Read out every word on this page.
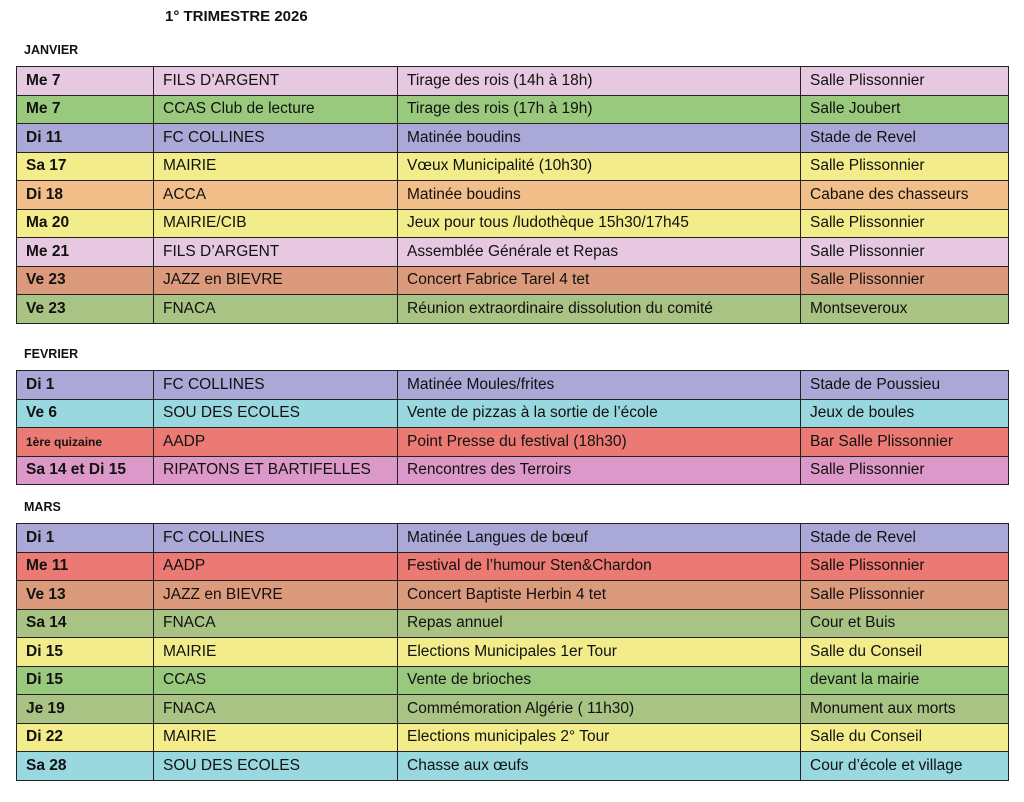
1° TRIMESTRE 2026
JANVIER
Me 7	FILS D’ARGENT	Tirage des rois (14h à 18h)	Salle Plissonnier
Me 7	CCAS Club de lecture	Tirage des rois (17h à 19h)	Salle Joubert
Di 11	FC COLLINES	Matinée boudins	Stade de Revel
Sa 17	MAIRIE	Vœux Municipalité (10h30)	Salle Plissonnier
Di 18	ACCA	Matinée boudins	Cabane des chasseurs
Ma 20	MAIRIE/CIB	Jeux pour tous /ludothèque 15h30/17h45	Salle Plissonnier
Me 21	FILS D’ARGENT	Assemblée Générale et Repas	Salle Plissonnier
Ve 23	JAZZ en BIEVRE	Concert Fabrice Tarel 4 tet	Salle Plissonnier
Ve 23	FNACA	Réunion extraordinaire dissolution du comité	Montseveroux
FEVRIER
Di 1	FC COLLINES	Matinée Moules/frites	Stade de Poussieu
Ve 6	SOU DES ECOLES	Vente de pizzas à la sortie de l’école	Jeux de boules
1ère quizaine	AADP	Point Presse du festival (18h30)	Bar Salle Plissonnier
Sa 14 et Di 15	RIPATONS ET BARTIFELLES	Rencontres des Terroirs	Salle Plissonnier
MARS
Di 1	FC COLLINES	Matinée Langues de bœuf	Stade de Revel
Me 11	AADP	Festival de l’humour Sten&Chardon	Salle Plissonnier
Ve 13	JAZZ en BIEVRE	Concert Baptiste Herbin 4 tet	Salle Plissonnier
Sa 14	FNACA	Repas annuel	Cour et Buis
Di 15	MAIRIE	Elections Municipales 1er Tour	Salle du Conseil
Di 15	CCAS	Vente de brioches	devant la mairie
Je 19	FNACA	Commémoration Algérie ( 11h30)	Monument aux morts
Di 22	MAIRIE	Elections municipales 2° Tour	Salle du Conseil
Sa 28	SOU DES ECOLES	Chasse aux œufs	Cour d’école et village
